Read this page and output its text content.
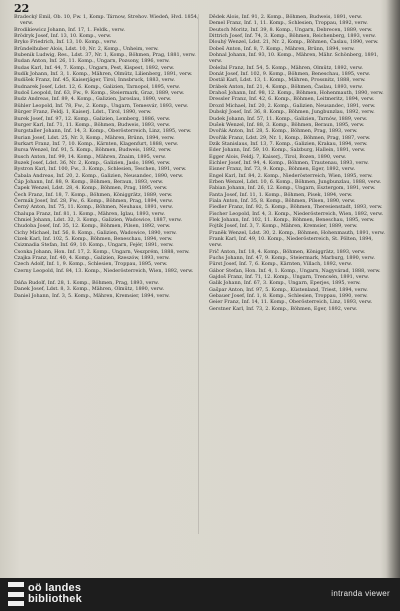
22

Bradecký Emil, Ob. 10, Fw. 1, Komp. Tárnow, Strehov. Wiedeń, Hvd. 1854, verw.

Brodikiewicz Johann, Inf. 17, 1. Feldk., verw.

Brödryk Josef, Inf. 13, 10. Komp., verw.

Bryko Friedrich, Inf. 13, 10. Komp., verw.

Bründelhuber Alois, Ldst. 10, Nr. 2, Komp., Unheim, verw.

Bubenik Ludwig, Res., Ldst. 37, Nr. 1, Komp., Böhmen, Prag, 1881, verw.

Budan Anton, Inf. 26, 11. Komp., Ungarn, Pozsony, 1896, verw.

Budas Karl, Inf. 44, 7. Komp., Ungarn, Pest, Kispest, 1892, verw.

Budík Johann, Inf. 3, 1. Komp., Mähren, Olmütz, Lilienberg, 1891, verw.

Budíšek Franz, Inf. 45, Kaiserjäger, Tirol, Innsbruck, 1883, verw.

Budnarek Josef, Ldst. 12, 6. Komp., Galizien, Tarnopol, 1895, verw.

Budoš Leopold, Inf. 63, Fw., 9. Komp., Steiermark, Graz, 1889, verw.

Budz Andreas, Inf. 89, 4. Komp., Galizien, Jaroslau, 1890, verw.

Bühler Leopold, Inf. 78, Fw., 2. Komp., Ungarn, Temesvár, 1893, verw.

Bürger Franz, Feldj. 1, Kaiserj. Ldst., Tirol, 1890, verw.

Burek Josef, Inf. 97, 12. Komp., Galizien, Lemberg, 1886, verw.

Burger Karl, Inf. 71, 11. Komp., Böhmen, Budweis, 1893, verw.

Burgstaller Johann, Inf. 14, 3. Komp., Oberösterreich, Linz, 1895, verw.

Burian Josef, Ldst. 25, Nr. 3, Komp., Mähren, Brünn, 1894, verw.

Burkart Franz, Inf. 7, 10. Komp., Kärnten, Klagenfurt, 1888, verw.

Bursa Wenzel, Inf. 91, 5. Komp., Böhmen, Budweis, 1892, verw.

Busch Anton, Inf. 99, 14. Komp., Mähren, Znaim, 1895, verw.

Buzek Josef, Ldst. 36, Nr. 2, Komp., Galizien, Jaslo, 1896, verw.

Bystron Karl, Inf. 100, Fw., 3. Komp., Schlesien, Teschen, 1891, verw.

Čabala Andreas, Inf. 20, 2. Komp., Galizien, Neusandec, 1890, verw.

Čáp Johann, Inf. 88, 9. Komp., Böhmen, Beraun, 1893, verw.

Čapek Wenzel, Ldst. 28, 4. Komp., Böhmen, Prag, 1895, verw.

Čech Franz, Inf. 18, 7. Komp., Böhmen, Königgrätz, 1889, verw.

Čermák Josef, Inf. 28, Fw., 6. Komp., Böhmen, Prag, 1894, verw.

Černý Anton, Inf. 75, 11. Komp., Böhmen, Neuhaus, 1891, verw.

Chalupa Franz, Inf. 81, 1. Komp., Mähren, Iglau, 1893, verw.

Chmiel Johann, Ldst. 32, 3. Komp., Galizien, Wadowice, 1887, verw.

Chudoba Josef, Inf. 35, 12. Komp., Böhmen, Pilsen, 1892, verw.

Cichy Michael, Inf. 56, 8. Komp., Galizien, Wadowice, 1890, verw.

Cizek Karl, Inf. 102, 5. Komp., Böhmen, Beneschau, 1894, verw.

Csizmadia Stefan, Inf. 69, 10. Komp., Ungarn, Fejér, 1891, verw.

Csonka Johann, Hon. Inf. 17, 2. Komp., Ungarn, Veszprém, 1888, verw.

Czajka Franz, Inf. 40, 4. Komp., Galizien, Rzeszów, 1893, verw.

Czech Adolf, Inf. 1, 9. Komp., Schlesien, Troppau, 1895, verw.

Czerny Leopold, Inf. 84, 13. Komp., Niederösterreich, Wien, 1892, verw.

Dáňa Rudolf, Inf. 28, 1. Komp., Böhmen, Prag, 1893, verw.

Danek Josef, Ldst. 8, 3. Komp., Mähren, Olmütz, 1890, verw.

Daniel Johann, Inf. 3, 5. Komp., Mähren, Kremsier, 1894, verw.

Dědek Alois, Inf. 91, 2. Komp., Böhmen, Budweis, 1891, verw.

Demel Franz, Inf. 1, 11. Komp., Schlesien, Troppau, 1892, verw.

Deutsch Moritz, Inf. 39, 8. Komp., Ungarn, Debrecen, 1889, verw.

Dittrich Josef, Inf. 74, 3. Komp., Böhmen, Reichenberg, 1893, verw.

Dlouhý Wenzel, Ldst. 21, Nr. 2, Komp., Böhmen, Časlau, 1890, verw.

Dobeš Anton, Inf. 8, 7. Komp., Mähren, Brünn, 1894, verw.

Dohnal Johann, Inf. 93, 10. Komp., Mähren, Mähr. Schönberg, 1891, verw.

Doležal Franz, Inf. 54, 5. Komp., Mähren, Olmütz, 1892, verw.

Donát Josef, Inf. 102, 9. Komp., Böhmen, Beneschau, 1895, verw.

Dostál Karl, Ldst. 13, 1. Komp., Mähren, Prossnitz, 1888, verw.

Drábek Anton, Inf. 21, 4. Komp., Böhmen, Časlau, 1893, verw.

Drahoš Johann, Inf. 98, 12. Komp., Böhmen, Hohenmauth, 1890, verw.

Dressler Franz, Inf. 42, 6. Komp., Böhmen, Leitmeritz, 1894, verw.

Drozd Michael, Inf. 20, 2. Komp., Galizien, Neusandec, 1891, verw.

Dubský Josef, Inf. 36, 8. Komp., Böhmen, Jungbunzlau, 1892, verw.

Dudek Johann, Inf. 57, 11. Komp., Galizien, Tarnów, 1889, verw.

Dušek Wenzel, Inf. 88, 3. Komp., Böhmen, Beraun, 1895, verw.

Dvořák Anton, Inf. 28, 5. Komp., Böhmen, Prag, 1893, verw.

Dvořák Franz, Ldst. 29, Nr. 1, Komp., Böhmen, Prag, 1887, verw.

Dzik Stanislaus, Inf. 13, 7. Komp., Galizien, Krakau, 1894, verw.

Eder Johann, Inf. 59, 10. Komp., Salzburg, Hallein, 1891, verw.

Egger Alois, Feldj. 7, Kaiserj., Tirol, Bozen, 1890, verw.

Eichler Josef, Inf. 94, 4. Komp., Böhmen, Trautenau, 1893, verw.

Eisner Franz, Inf. 73, 9. Komp., Böhmen, Eger, 1892, verw.

Engel Karl, Inf. 84, 2. Komp., Niederösterreich, Wien, 1895, verw.

Erben Wenzel, Ldst. 10, 6. Komp., Böhmen, Jungbunzlau, 1888, verw.

Fabian Johann, Inf. 26, 12. Komp., Ungarn, Esztergom, 1891, verw.

Fanta Josef, Inf. 11, 1. Komp., Böhmen, Pisek, 1894, verw.

Fiala Anton, Inf. 35, 8. Komp., Böhmen, Pilsen, 1890, verw.

Fiedler Franz, Inf. 92, 5. Komp., Böhmen, Theresienstadt, 1893, verw.

Fischer Leopold, Inf. 4, 3. Komp., Niederösterreich, Wien, 1892, verw.

Flek Johann, Inf. 102, 11. Komp., Böhmen, Beneschau, 1895, verw.

Fojtík Josef, Inf. 3, 7. Komp., Mähren, Kremsier, 1889, verw.

Franěk Wenzel, Ldst. 30, 2. Komp., Böhmen, Hohenmauth, 1891, verw.

Frank Karl, Inf. 49, 10. Komp., Niederösterreich, St. Pölten, 1894, verw.

Frič Anton, Inf. 18, 4. Komp., Böhmen, Königgrätz, 1893, verw.

Fuchs Johann, Inf. 47, 9. Komp., Steiermark, Marburg, 1890, verw.

Fürst Josef, Inf. 7, 6. Komp., Kärnten, Villach, 1892, verw.

Gábor Stefan, Hon. Inf. 4, 1. Komp., Ungarn, Nagyvárad, 1888, verw.

Gajdoš Franz, Inf. 71, 12. Komp., Ungarn, Trencsén, 1891, verw.

Galik Johann, Inf. 67, 3. Komp., Ungarn, Eperjes, 1895, verw.

Gašpar Anton, Inf. 97, 5. Komp., Küstenland, Triest, 1894, verw.

Gebauer Josef, Inf. 1, 8. Komp., Schlesien, Troppau, 1890, verw.

Geier Franz, Inf. 14, 11. Komp., Oberösterreich, Linz, 1893, verw.

Gerstner Karl, Inf. 73, 2. Komp., Böhmen, Eger, 1892, verw.

oö landes
bibliothek	intranda viewer
